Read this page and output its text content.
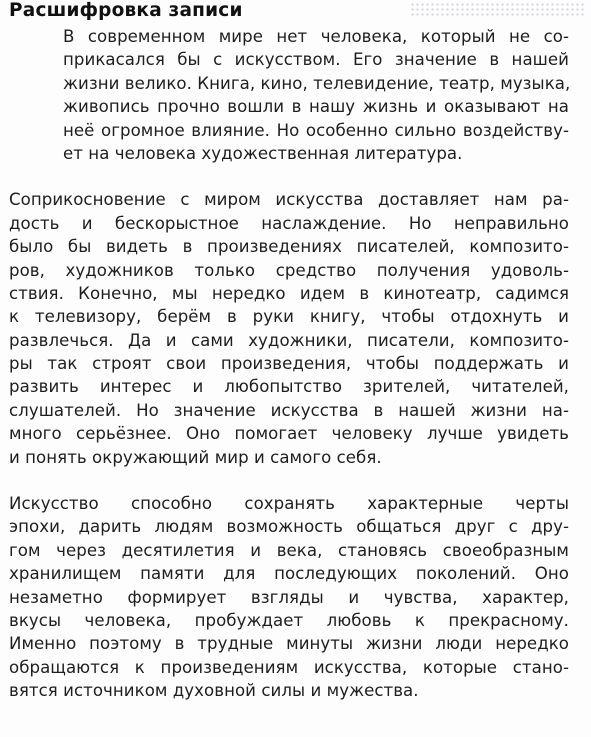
Расшифровка записи
В современном мире нет человека, который не со-
прикасался бы с искусством. Его значение в нашей
жизни велико. Книга, кино, телевидение, театр, музыка,
живопись прочно вошли в нашу жизнь и оказывают на
неё огромное влияние. Но особенно сильно воздейству-
ет на человека художественная литература.
Соприкосновение с миром искусства доставляет нам ра-
дость и бескорыстное наслаждение. Но неправильно
было бы видеть в произведениях писателей, композито-
ров, художников только средство получения удоволь-
ствия. Конечно, мы нередко идем в кинотеатр, садимся
к телевизору, берём в руки книгу, чтобы отдохнуть и
развлечься. Да и сами художники, писатели, композито-
ры так строят свои произведения, чтобы поддержать и
развить интерес и любопытство зрителей, читателей,
слушателей. Но значение искусства в нашей жизни на-
много серьёзнее. Оно помогает человеку лучше увидеть
и понять окружающий мир и самого себя.
Искусство способно сохранять характерные черты
эпохи, дарить людям возможность общаться друг с дру-
гом через десятилетия и века, становясь своеобразным
хранилищем памяти для последующих поколений. Оно
незаметно формирует взгляды и чувства, характер,
вкусы человека, пробуждает любовь к прекрасному.
Именно поэтому в трудные минуты жизни люди нередко
обращаются к произведениям искусства, которые стано-
вятся источником духовной силы и мужества.
